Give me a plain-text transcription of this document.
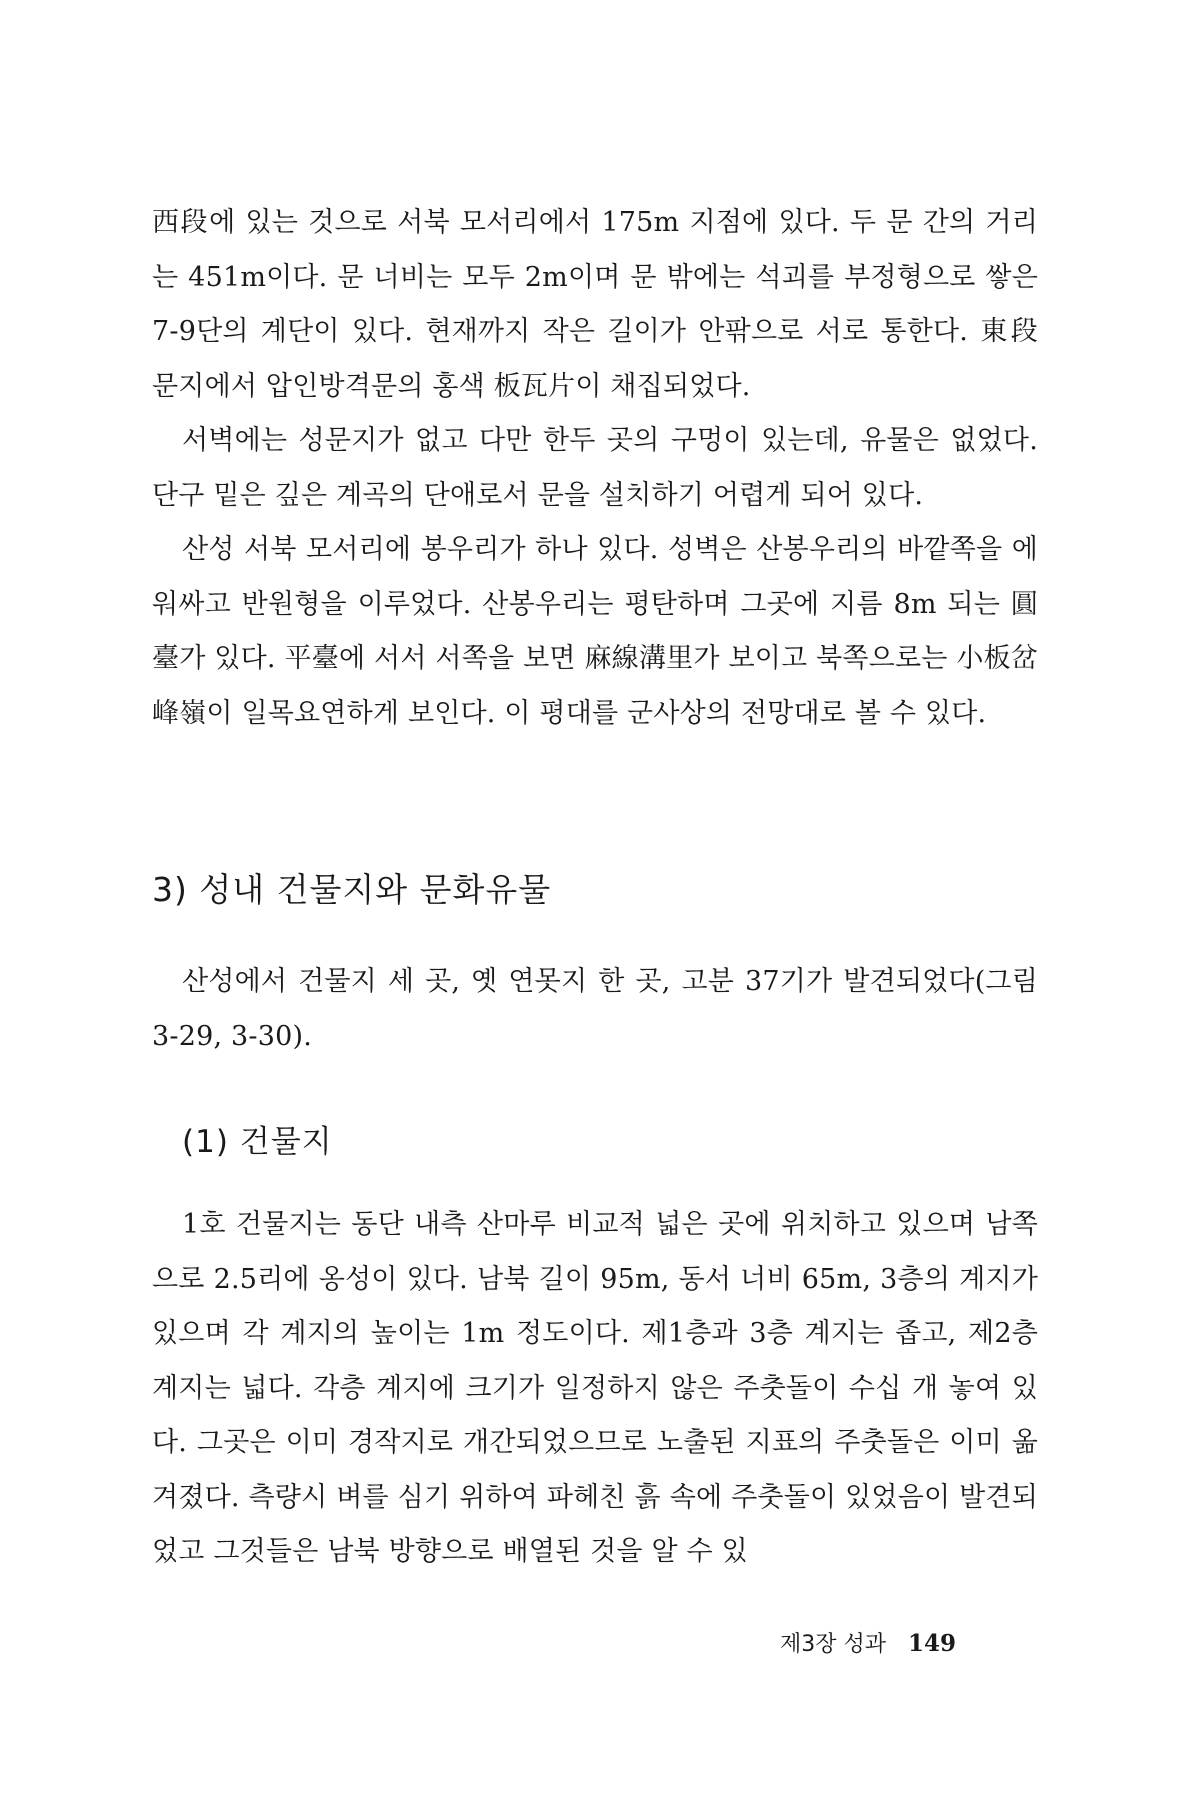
西段에 있는 것으로 서북 모서리에서 175m 지점에 있다. 두 문 간의 거리는 451m이다. 문 너비는 모두 2m이며 문 밖에는 석괴를 부정형으로 쌓은 7-9단의 계단이 있다. 현재까지 작은 길이가 안팎으로 서로 통한다. 東段 문지에서 압인방격문의 홍색 板瓦片이 채집되었다.

서벽에는 성문지가 없고 다만 한두 곳의 구멍이 있는데, 유물은 없었다. 단구 밑은 깊은 계곡의 단애로서 문을 설치하기 어렵게 되어 있다.

산성 서북 모서리에 봉우리가 하나 있다. 성벽은 산봉우리의 바깥쪽을 에워싸고 반원형을 이루었다. 산봉우리는 평탄하며 그곳에 지름 8m 되는 圓臺가 있다. 平臺에 서서 서쪽을 보면 麻線溝里가 보이고 북쪽으로는 小板岔峰嶺이 일목요연하게 보인다. 이 평대를 군사상의 전망대로 볼 수 있다.

3) 성내 건물지와 문화유물

산성에서 건물지 세 곳, 옛 연못지 한 곳, 고분 37기가 발견되었다(그림 3-29, 3-30).

(1) 건물지

1호 건물지는 동단 내측 산마루 비교적 넓은 곳에 위치하고 있으며 남쪽으로 2.5리에 옹성이 있다. 남북 길이 95m, 동서 너비 65m, 3층의 계지가 있으며 각 계지의 높이는 1m 정도이다. 제1층과 3층 계지는 좁고, 제2층 계지는 넓다. 각층 계지에 크기가 일정하지 않은 주춧돌이 수십 개 놓여 있다. 그곳은 이미 경작지로 개간되었으므로 노출된 지표의 주춧돌은 이미 옮겨졌다. 측량시 벼를 심기 위하여 파헤친 흙 속에 주춧돌이 있었음이 발견되었고 그것들은 남북 방향으로 배열된 것을 알 수 있

제3장 성과 149
